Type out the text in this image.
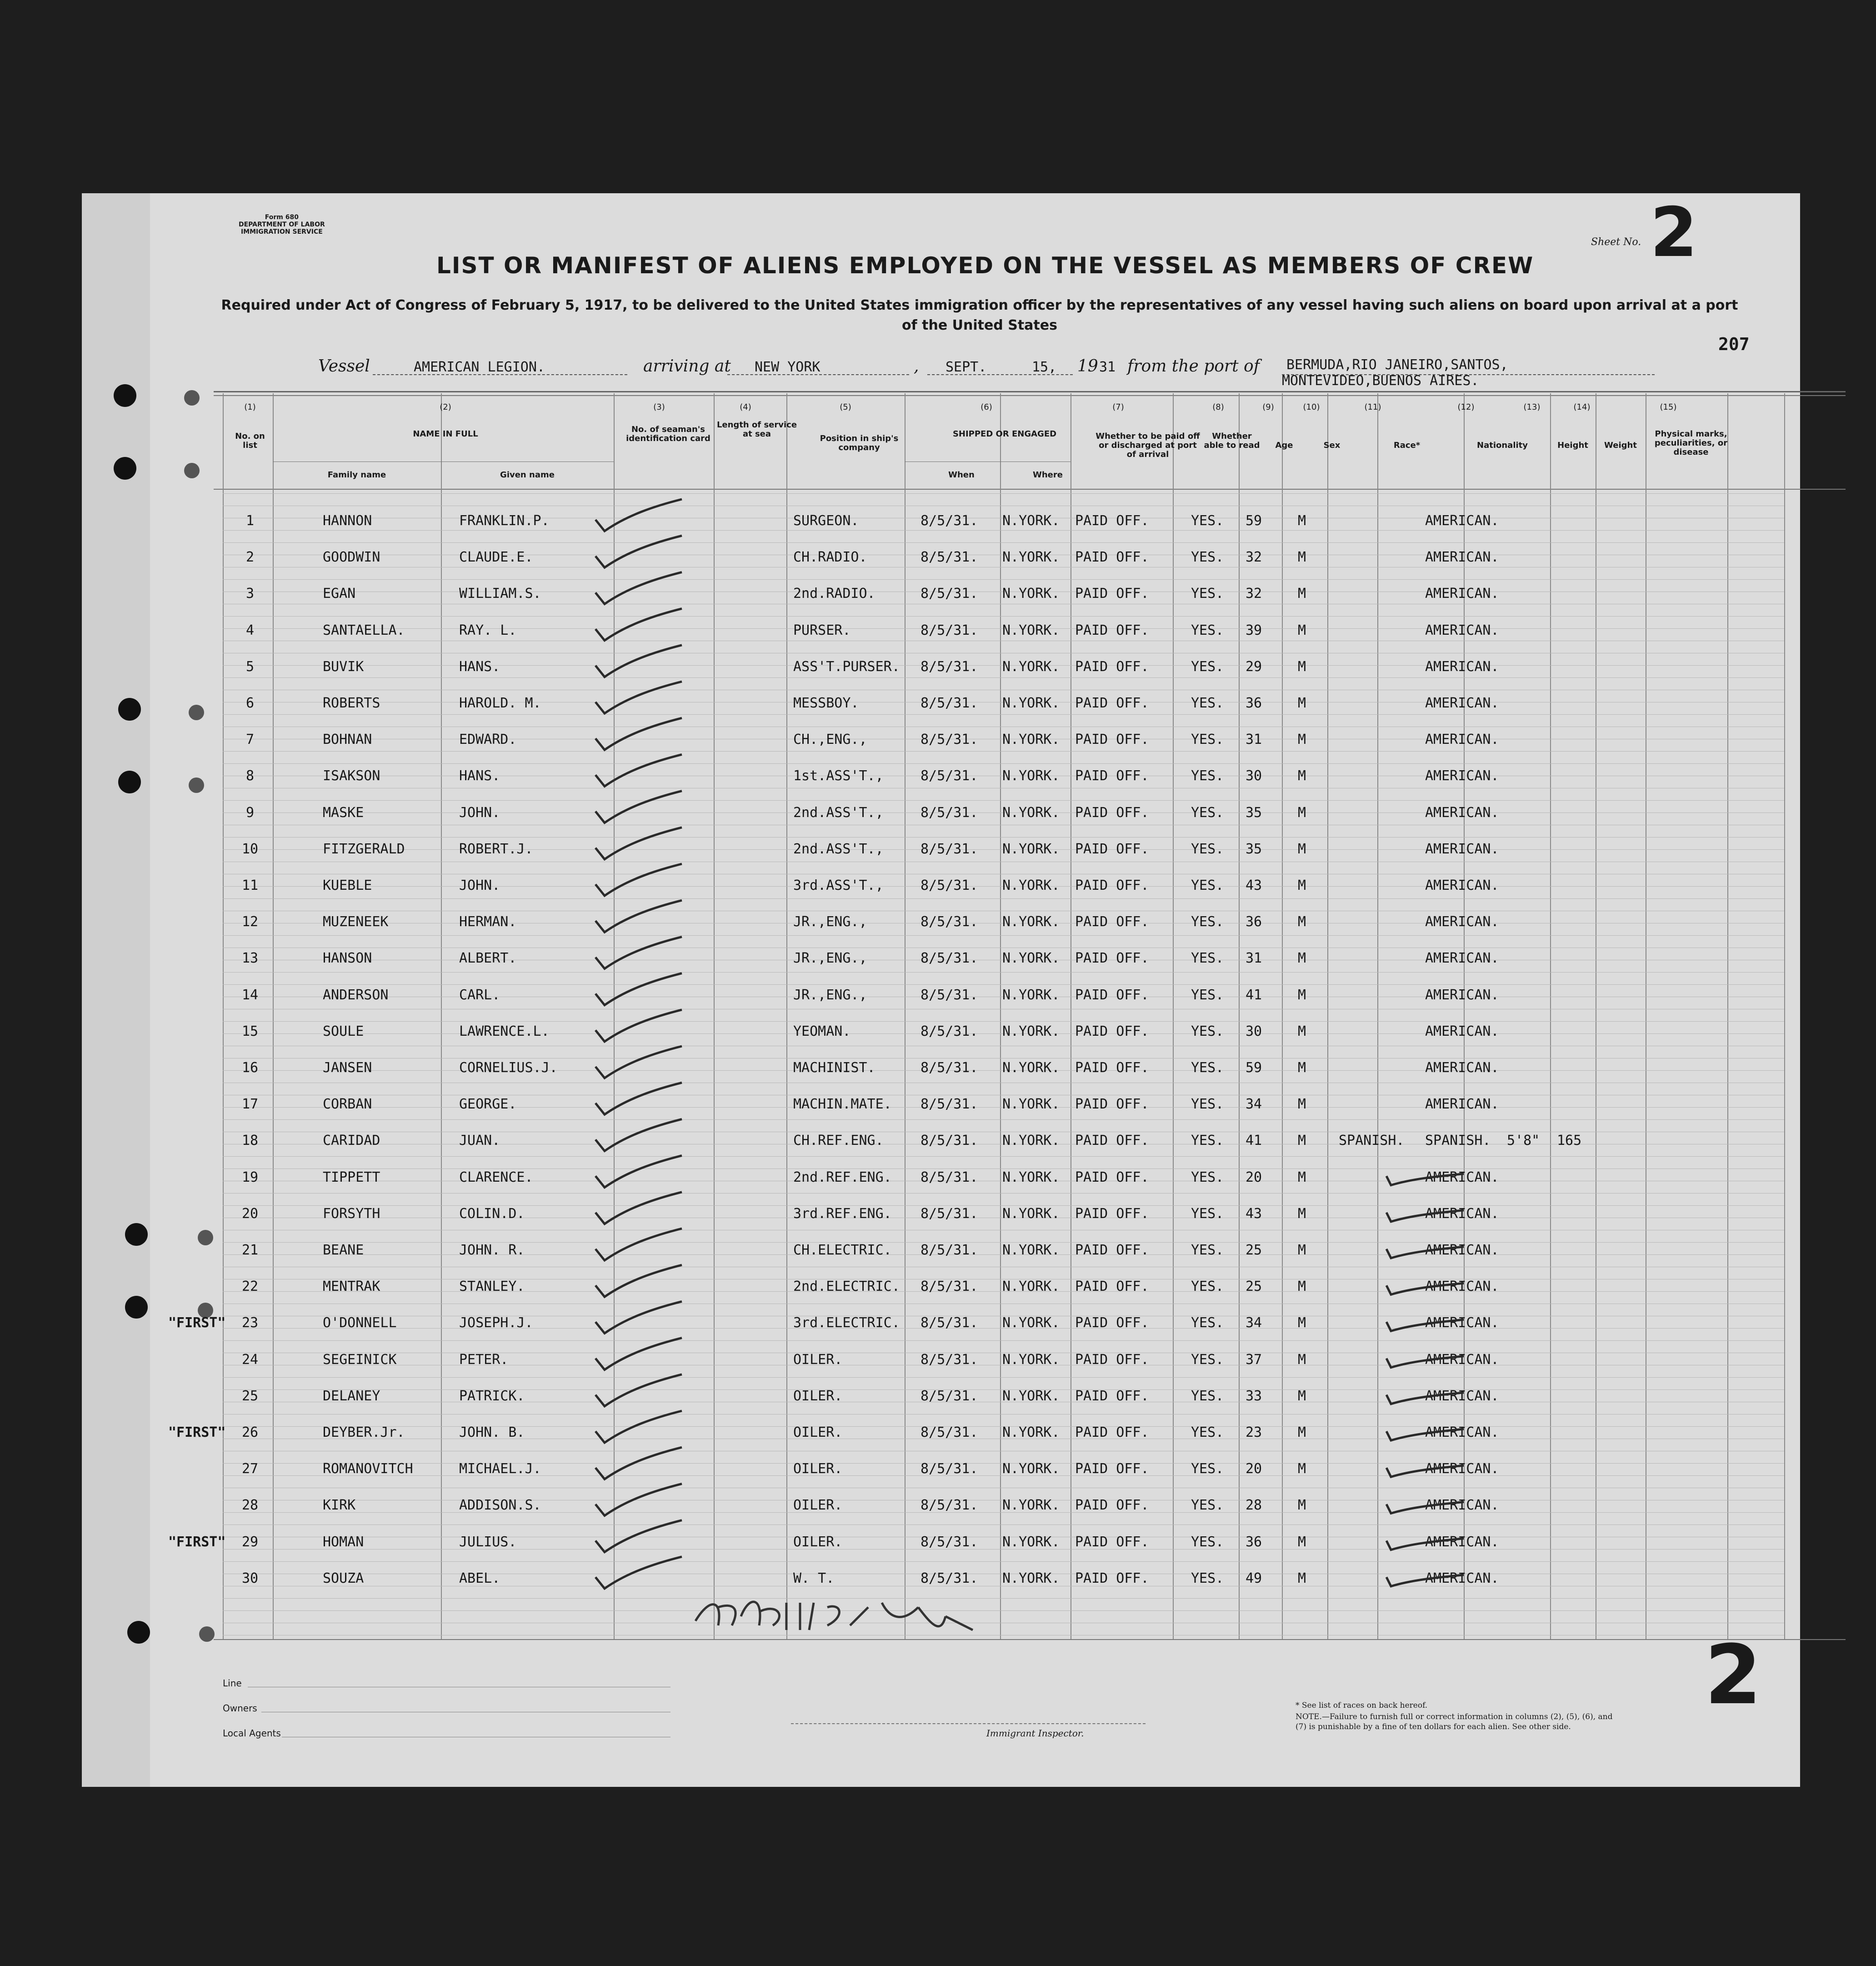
Form 680
DEPARTMENT OF LABOR
IMMIGRATION SERVICE
LIST OR MANIFEST OF ALIENS EMPLOYED ON THE VESSEL AS MEMBERS OF CREW
Sheet No. 2
Required under Act of Congress of February 5, 1917, to be delivered to the United States immigration officer by the representatives of any vessel having such aliens on board upon arrival at a port of the United States
207
Vessel	AMERICAN LEGION.	arriving at NEW YORK	, SEPT.	15, 19 31 from the port of BERMUDA,RIO JANEIRO,SANTOS,
MONTEVIDEO,BUENOS AIRES.
(1)	(2)	(3)	(4)	(5)	(6)	(7)	(8)	(9)	(10)	(11)	(12)	(13)	(14)	(15)
No. on list
NAME IN FULL
Family name	Given name
No. of seaman's identification card
Length of service at sea	Position in ship's company
SHIPPED OR ENGAGED
When	Where
Whether to be paid off or discharged at port of arrival
Whether able to read	Age	Sex	Race*	Nationality	Height	Weight
Physical marks, peculiarities, or disease
1	HANNON	FRANKLIN.P.	SURGEON.	8/5/31. N.YORK. PAID OFF.	YES. 59	M	AMERICAN.
2	GOODWIN	CLAUDE.E.	CH.RADIO.	8/5/31. N.YORK. PAID OFF.	YES. 32	M	AMERICAN.
3	EGAN	WILLIAM.S.	2nd.RADIO.	8/5/31. N.YORK. PAID OFF.	YES. 32	M	AMERICAN.
4	SANTAELLA.	RAY. L.	PURSER.	8/5/31. N.YORK. PAID OFF.	YES. 39	M	AMERICAN.
5	BUVIK	HANS.	ASS'T.PURSER. 8/5/31. N.YORK. PAID OFF.	YES. 29	M	AMERICAN.
6	ROBERTS	HAROLD. M.	MESSBOY.	8/5/31. N.YORK. PAID OFF.	YES. 36	M	AMERICAN.
7	BOHNAN	EDWARD.	CH.,ENG.,	8/5/31. N.YORK. PAID OFF.	YES. 31	M	AMERICAN.
8	ISAKSON	HANS.	1st.ASS'T.,	8/5/31. N.YORK. PAID OFF.	YES. 30	M	AMERICAN.
9	MASKE	JOHN.	2nd.ASS'T.,	8/5/31. N.YORK. PAID OFF.	YES. 35	M	AMERICAN.
10	FITZGERALD	ROBERT.J.	2nd.ASS'T.,	8/5/31. N.YORK. PAID OFF.	YES. 35	M	AMERICAN.
11	KUEBLE	JOHN.	3rd.ASS'T.,	8/5/31. N.YORK. PAID OFF.	YES. 43	M	AMERICAN.
12	MUZENEEK	HERMAN.	JR.,ENG.,	8/5/31. N.YORK. PAID OFF.	YES. 36	M	AMERICAN.
13	HANSON	ALBERT.	JR.,ENG.,	8/5/31. N.YORK. PAID OFF.	YES. 31	M	AMERICAN.
14	ANDERSON	CARL.	JR.,ENG.,	8/5/31. N.YORK. PAID OFF.	YES. 41	M	AMERICAN.
15	SOULE	LAWRENCE.L.	YEOMAN.	8/5/31. N.YORK. PAID OFF.	YES. 30	M	AMERICAN.
16	JANSEN	CORNELIUS.J.	MACHINIST.	8/5/31. N.YORK. PAID OFF.	YES. 59	M	AMERICAN.
17	CORBAN	GEORGE.	MACHIN.MATE. 8/5/31. N.YORK. PAID OFF.	YES. 34	M	AMERICAN.
18	CARIDAD	JUAN.	CH.REF.ENG.	8/5/31. N.YORK. PAID OFF.	YES. 41	M SPANISH. SPANISH. 5'8" 165
19	TIPPETT	CLARENCE.	2nd.REF.ENG. 8/5/31. N.YORK. PAID OFF.	YES. 20	M	AMERICAN.
20	FORSYTH	COLIN.D.	3rd.REF.ENG. 8/5/31. N.YORK. PAID OFF.	YES. 43	M	AMERICAN.
21	BEANE	JOHN. R.	CH.ELECTRIC. 8/5/31. N.YORK. PAID OFF.	YES. 25	M	AMERICAN.
22	MENTRAK	STANLEY.	2nd.ELECTRIC. 8/5/31. N.YORK. PAID OFF.	YES. 25	M	AMERICAN.
23	O'DONNELL	JOSEPH.J.	3rd.ELECTRIC. 8/5/31. N.YORK. PAID OFF.	YES. 34	M	AMERICAN.
"FIRST"
24	SEGEINICK	PETER.	OILER.	8/5/31. N.YORK. PAID OFF.	YES. 37	M	AMERICAN.
25	DELANEY	PATRICK.	OILER.	8/5/31. N.YORK. PAID OFF.	YES. 33	M	AMERICAN.
26	DEYBER.Jr.	JOHN. B.	OILER.	8/5/31. N.YORK. PAID OFF.	YES. 23	M	AMERICAN.
"FIRST"
27	ROMANOVITCH	MICHAEL.J.	OILER.	8/5/31. N.YORK. PAID OFF.	YES. 20	M	AMERICAN.
28	KIRK	ADDISON.S.	OILER.	8/5/31. N.YORK. PAID OFF.	YES. 28	M	AMERICAN.
29	HOMAN	JULIUS.	OILER.	8/5/31. N.YORK. PAID OFF.	YES. 36	M	AMERICAN.
"FIRST"
30	SOUZA	ABEL.	W. T.	8/5/31. N.YORK. PAID OFF.	YES. 49	M	AMERICAN.
Line
Owners
Local Agents	Immigrant Inspector.
* See list of races on back hereof.
NOTE.—Failure to furnish full or correct information in columns (2), (5), (6), and (7) is punishable by a fine of ten dollars for each alien. See other side.
2
